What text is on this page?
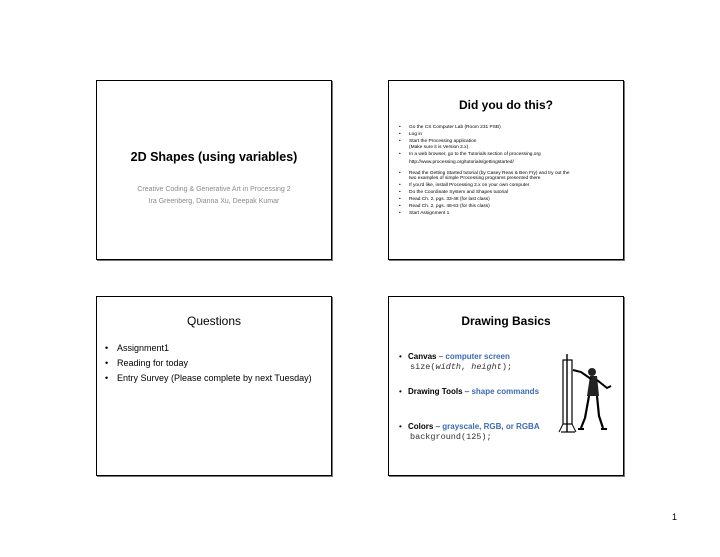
2D Shapes (using variables)
Creative Coding & Generative Art in Processing 2
Ira Greenberg, Dianna Xu, Deepak Kumar
Did you do this?
• Go the CS Computer Lab (Room 231 PSB)
• Log in
• Start the Processing application
(Make sure it is Version 2.x)
• In a web browser, go to the Tutorials section of processing.org
http://www.processing.org/tutorials/gettingstarted/
• Read the Getting Started tutorial (by Casey Reas & Ben Fry) and try out the
two examples of simple Processing programs presented there
• If you'd like, install Processing 2.x on your own computer
• Do the Coordinate System and Shapes tutorial
• Read Ch. 2, pgs. 33-48 (for last class)
• Read Ch. 2, pgs. 48-63 (for this class)
• Start Assignment 1
Questions
• Assignment1
• Reading for today
• Entry Survey (Please complete by next Tuesday)
Drawing Basics
• Canvas – computer screen
size(width, height);
• Drawing Tools – shape commands
• Colors – grayscale, RGB, or RGBA
background(125);
1
